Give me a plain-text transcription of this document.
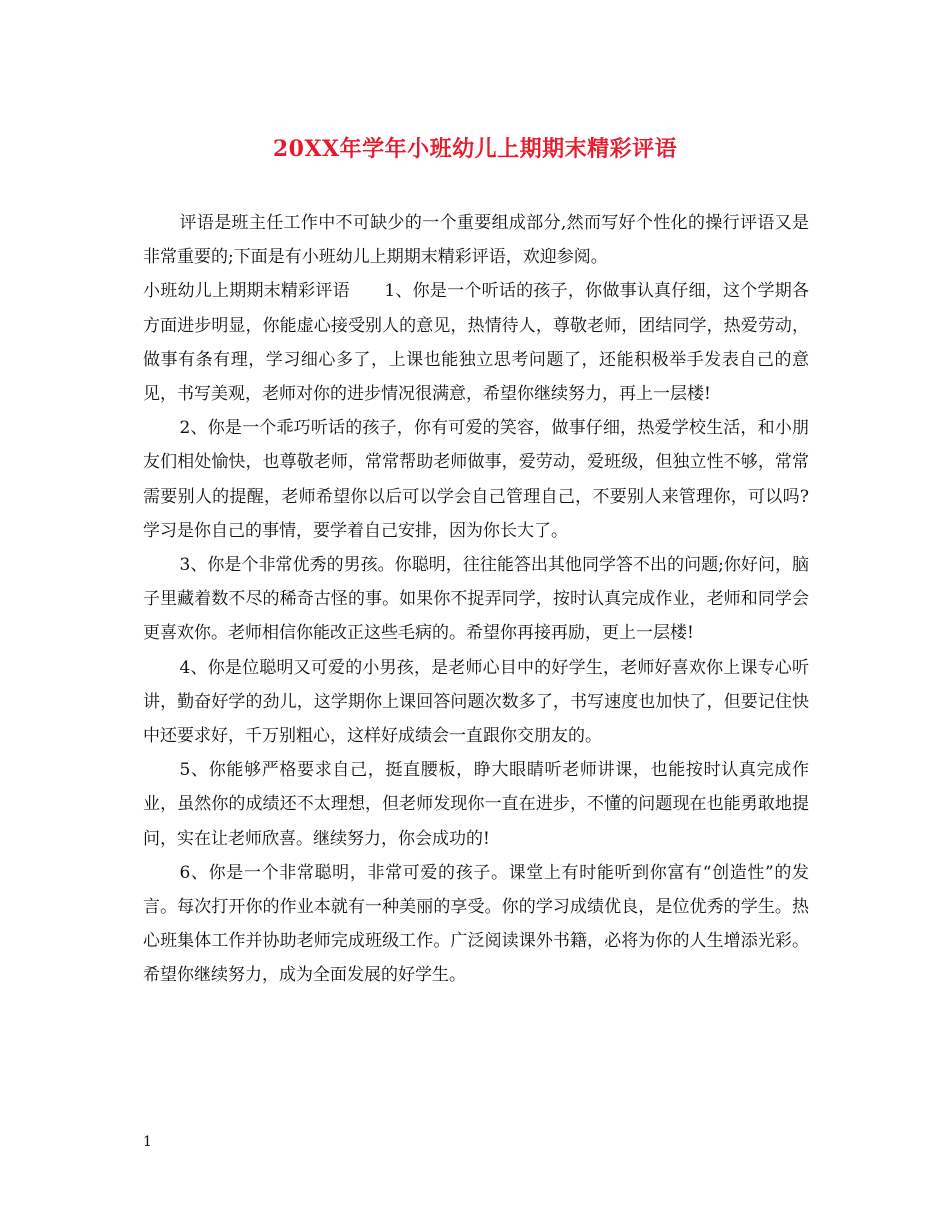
20XX年学年小班幼儿上期期末精彩评语

评语是班主任工作中不可缺少的一个重要组成部分,然而写好个性化的操行评语又是非常重要的;下面是有小班幼儿上期期末精彩评语，欢迎参阅。

小班幼儿上期期末精彩评语　　1、你是一个听话的孩子，你做事认真仔细，这个学期各方面进步明显，你能虚心接受别人的意见，热情待人，尊敬老师，团结同学，热爱劳动，做事有条有理，学习细心多了，上课也能独立思考问题了，还能积极举手发表自己的意见，书写美观，老师对你的进步情况很满意，希望你继续努力，再上一层楼!

2、你是一个乖巧听话的孩子，你有可爱的笑容，做事仔细，热爱学校生活，和小朋友们相处愉快，也尊敬老师，常常帮助老师做事，爱劳动，爱班级，但独立性不够，常常需要别人的提醒，老师希望你以后可以学会自己管理自己，不要别人来管理你，可以吗?学习是你自己的事情，要学着自己安排，因为你长大了。

3、你是个非常优秀的男孩。你聪明，往往能答出其他同学答不出的问题;你好问，脑子里藏着数不尽的稀奇古怪的事。如果你不捉弄同学，按时认真完成作业，老师和同学会更喜欢你。老师相信你能改正这些毛病的。希望你再接再励，更上一层楼!

4、你是位聪明又可爱的小男孩，是老师心目中的好学生，老师好喜欢你上课专心听讲，勤奋好学的劲儿，这学期你上课回答问题次数多了，书写速度也加快了，但要记住快中还要求好，千万别粗心，这样好成绩会一直跟你交朋友的。

5、你能够严格要求自己，挺直腰板，睁大眼睛听老师讲课，也能按时认真完成作业，虽然你的成绩还不太理想，但老师发现你一直在进步，不懂的问题现在也能勇敢地提问，实在让老师欣喜。继续努力，你会成功的!

6、你是一个非常聪明，非常可爱的孩子。课堂上有时能听到你富有“创造性”的发言。每次打开你的作业本就有一种美丽的享受。你的学习成绩优良，是位优秀的学生。热心班集体工作并协助老师完成班级工作。广泛阅读课外书籍，必将为你的人生增添光彩。希望你继续努力，成为全面发展的好学生。

1
